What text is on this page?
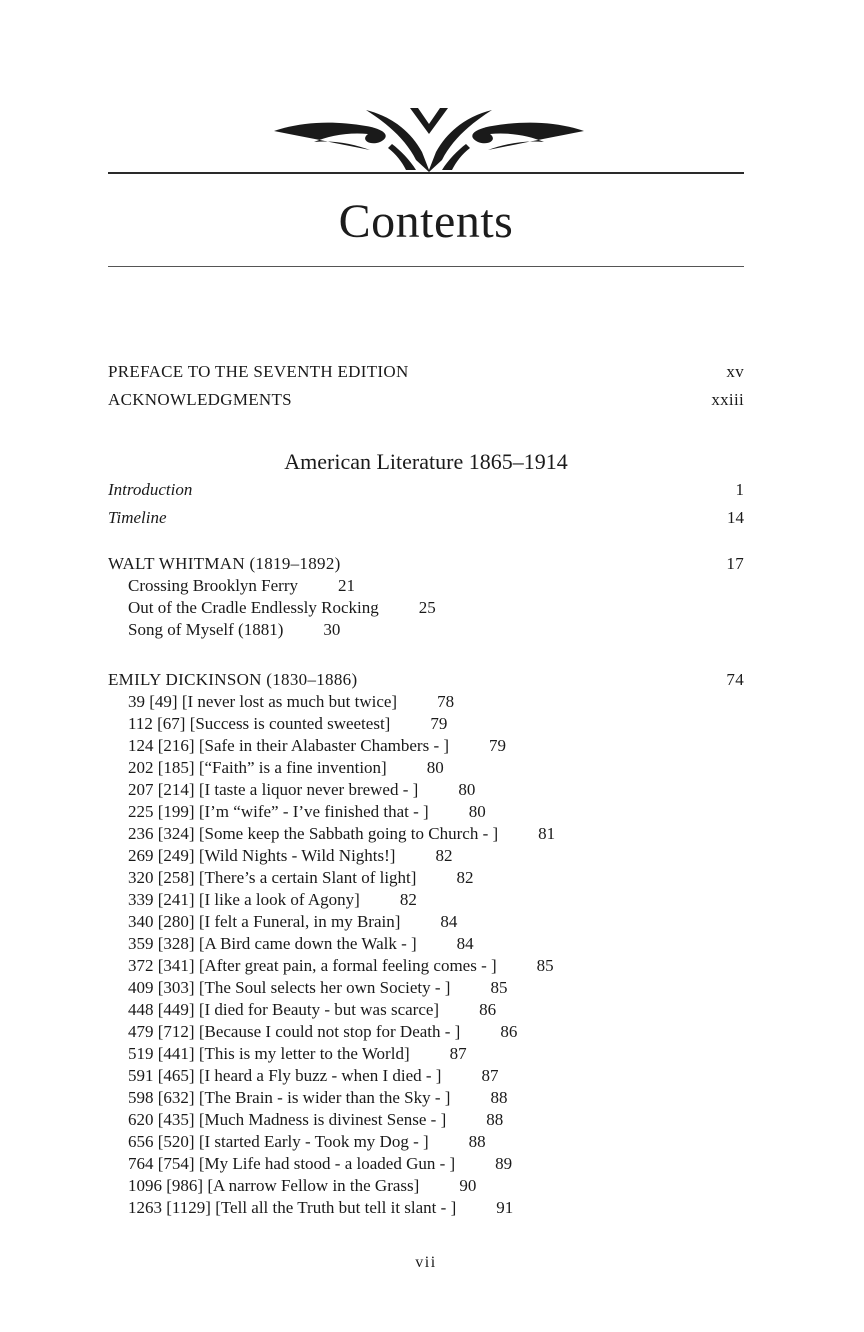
Contents
PREFACE TO THE SEVENTH EDITION	xv
ACKNOWLEDGMENTS	xxiii
American Literature 1865–1914
Introduction	1
Timeline	14
WALT WHITMAN (1819–1892)	17
Crossing Brooklyn Ferry 21
Out of the Cradle Endlessly Rocking 25
Song of Myself (1881) 30
EMILY DICKINSON (1830–1886)	74
39 [49] [I never lost as much but twice] 78
112 [67] [Success is counted sweetest] 79
124 [216] [Safe in their Alabaster Chambers - ] 79
202 [185] [“Faith” is a fine invention] 80
207 [214] [I taste a liquor never brewed - ] 80
225 [199] [I’m “wife” - I’ve finished that - ] 80
236 [324] [Some keep the Sabbath going to Church - ] 81
269 [249] [Wild Nights - Wild Nights!] 82
320 [258] [There’s a certain Slant of light] 82
339 [241] [I like a look of Agony] 82
340 [280] [I felt a Funeral, in my Brain] 84
359 [328] [A Bird came down the Walk - ] 84
372 [341] [After great pain, a formal feeling comes - ] 85
409 [303] [The Soul selects her own Society - ] 85
448 [449] [I died for Beauty - but was scarce] 86
479 [712] [Because I could not stop for Death - ] 86
519 [441] [This is my letter to the World] 87
591 [465] [I heard a Fly buzz - when I died - ] 87
598 [632] [The Brain - is wider than the Sky - ] 88
620 [435] [Much Madness is divinest Sense - ] 88
656 [520] [I started Early - Took my Dog - ] 88
764 [754] [My Life had stood - a loaded Gun - ] 89
1096 [986] [A narrow Fellow in the Grass] 90
1263 [1129] [Tell all the Truth but tell it slant - ] 91
vii
